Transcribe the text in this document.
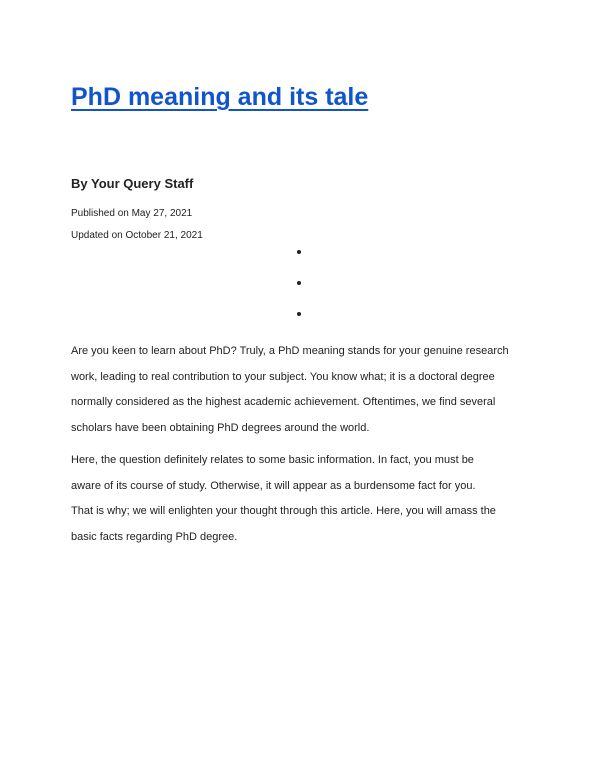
PhD meaning and its tale
By Your Query Staff
Published on May 27, 2021
Updated on October 21, 2021

Are you keen to learn about PhD? Truly, a PhD meaning stands for your genuine research
work, leading to real contribution to your subject. You know what; it is a doctoral degree
normally considered as the highest academic achievement. Oftentimes, we find several
scholars have been obtaining PhD degrees around the world.

Here, the question definitely relates to some basic information. In fact, you must be
aware of its course of study. Otherwise, it will appear as a burdensome fact for you.
That is why; we will enlighten your thought through this article. Here, you will amass the
basic facts regarding PhD degree.
